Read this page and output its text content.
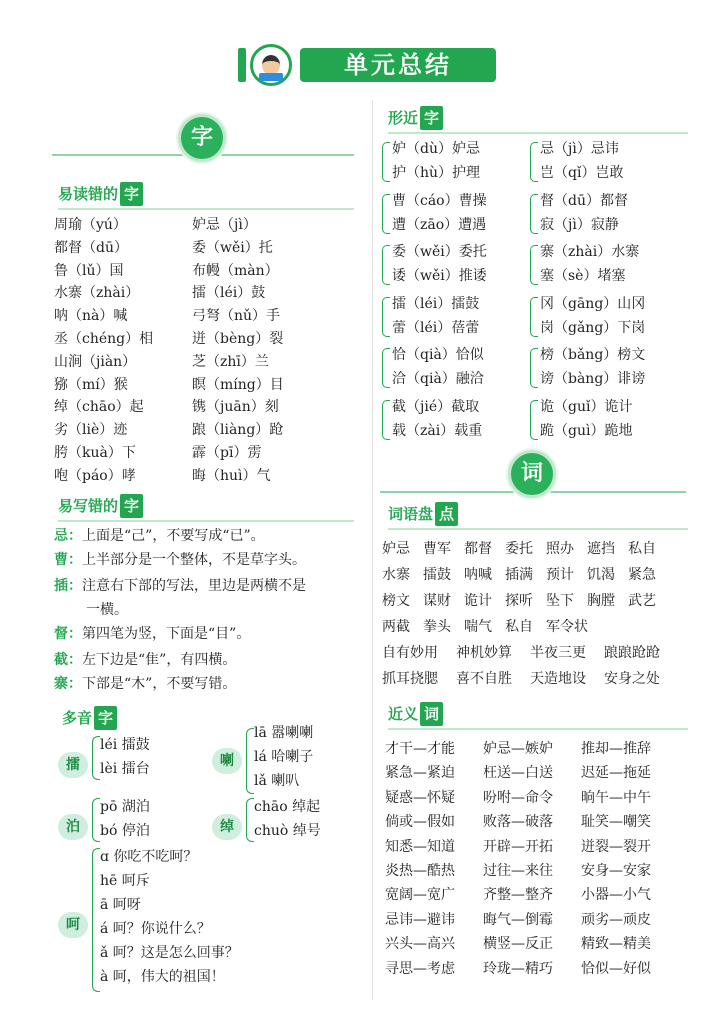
单元总结
字
易读错的 字
周瑜（yú）
都督（dū）
鲁（lǔ）国
水寨（zhài）
呐（nà）喊
丞（chéng）相
山涧（jiàn）
猕（mí）猴
绰（chāo）起
劣（liè）迹
胯（kuà）下
咆（páo）哮
妒忌（jì）
委（wěi）托
布幔（màn）
擂（léi）鼓
弓弩（nǔ）手
迸（bèng）裂
芝（zhī）兰
瞑（míng）目
镌（juān）刻
踉（liàng）跄
霹（pī）雳
晦（huì）气
易写错的 字
忌：上面是“己”，不要写成“已”。
曹：上半部分是一个整体，不是草字头。
插：注意右下部的写法，里边是两横不是
一横。
督：第四笔为竖，下面是“目”。
截：左下边是“隹”，有四横。
寨：下部是“木”，不要写错。
多音 字
擂
léi 擂鼓
lèi 擂台	喇
lā 嚣喇喇
lá 哈喇子
lǎ 喇叭
泊
pō 湖泊
bó 停泊	绰
chāo 绰起
chuò 绰号
呵
ɑ 你吃不吃呵？
hē 呵斥
ā 呵呀
á 呵？你说什么？
ǎ 呵？这是怎么回事？
à 呵，伟大的祖国！
形近 字
妒（dù）妒忌
护（hù）护理
忌（jì）忌讳
岂（qǐ）岂敢
曹（cáo）曹操
遭（zāo）遭遇
督（dū）都督
寂（jì）寂静
委（wěi）委托
诿（wěi）推诿
寨（zhài）水寨
塞（sè）堵塞
擂（léi）擂鼓
蕾（léi）蓓蕾
冈（gāng）山冈
岗（gǎng）下岗
恰（qià）恰似
洽（qià）融洽
榜（bǎng）榜文
谤（bàng）诽谤
截（jié）截取
载（zài）载重
诡（guǐ）诡计
跪（guì）跪地
词
词语盘 点
妒忌 曹军 都督 委托 照办 遮挡 私自
水寨 擂鼓 呐喊 插满 预计 饥渴 紧急
榜文 谋财 诡计 探听 坠下 胸膛 武艺
两截 拳头 喘气 私自 军令状
自有妙用 神机妙算 半夜三更 踉踉跄跄
抓耳挠腮 喜不自胜 天造地设 安身之处
近义 词
才干—才能 妒忌—嫉妒 推却—推辞
紧急—紧迫 枉送—白送 迟延—拖延
疑惑—怀疑 吩咐—命令 晌午—中午
倘或—假如 败落—破落 耻笑—嘲笑
知悉—知道 开辟—开拓 迸裂—裂开
炎热—酷热 过往—来往 安身—安家
宽阔—宽广 齐整—整齐 小器—小气
忌讳—避讳 晦气—倒霉 顽劣—顽皮
兴头—高兴 横竖—反正 精致—精美
寻思—考虑 玲珑—精巧 恰似—好似
